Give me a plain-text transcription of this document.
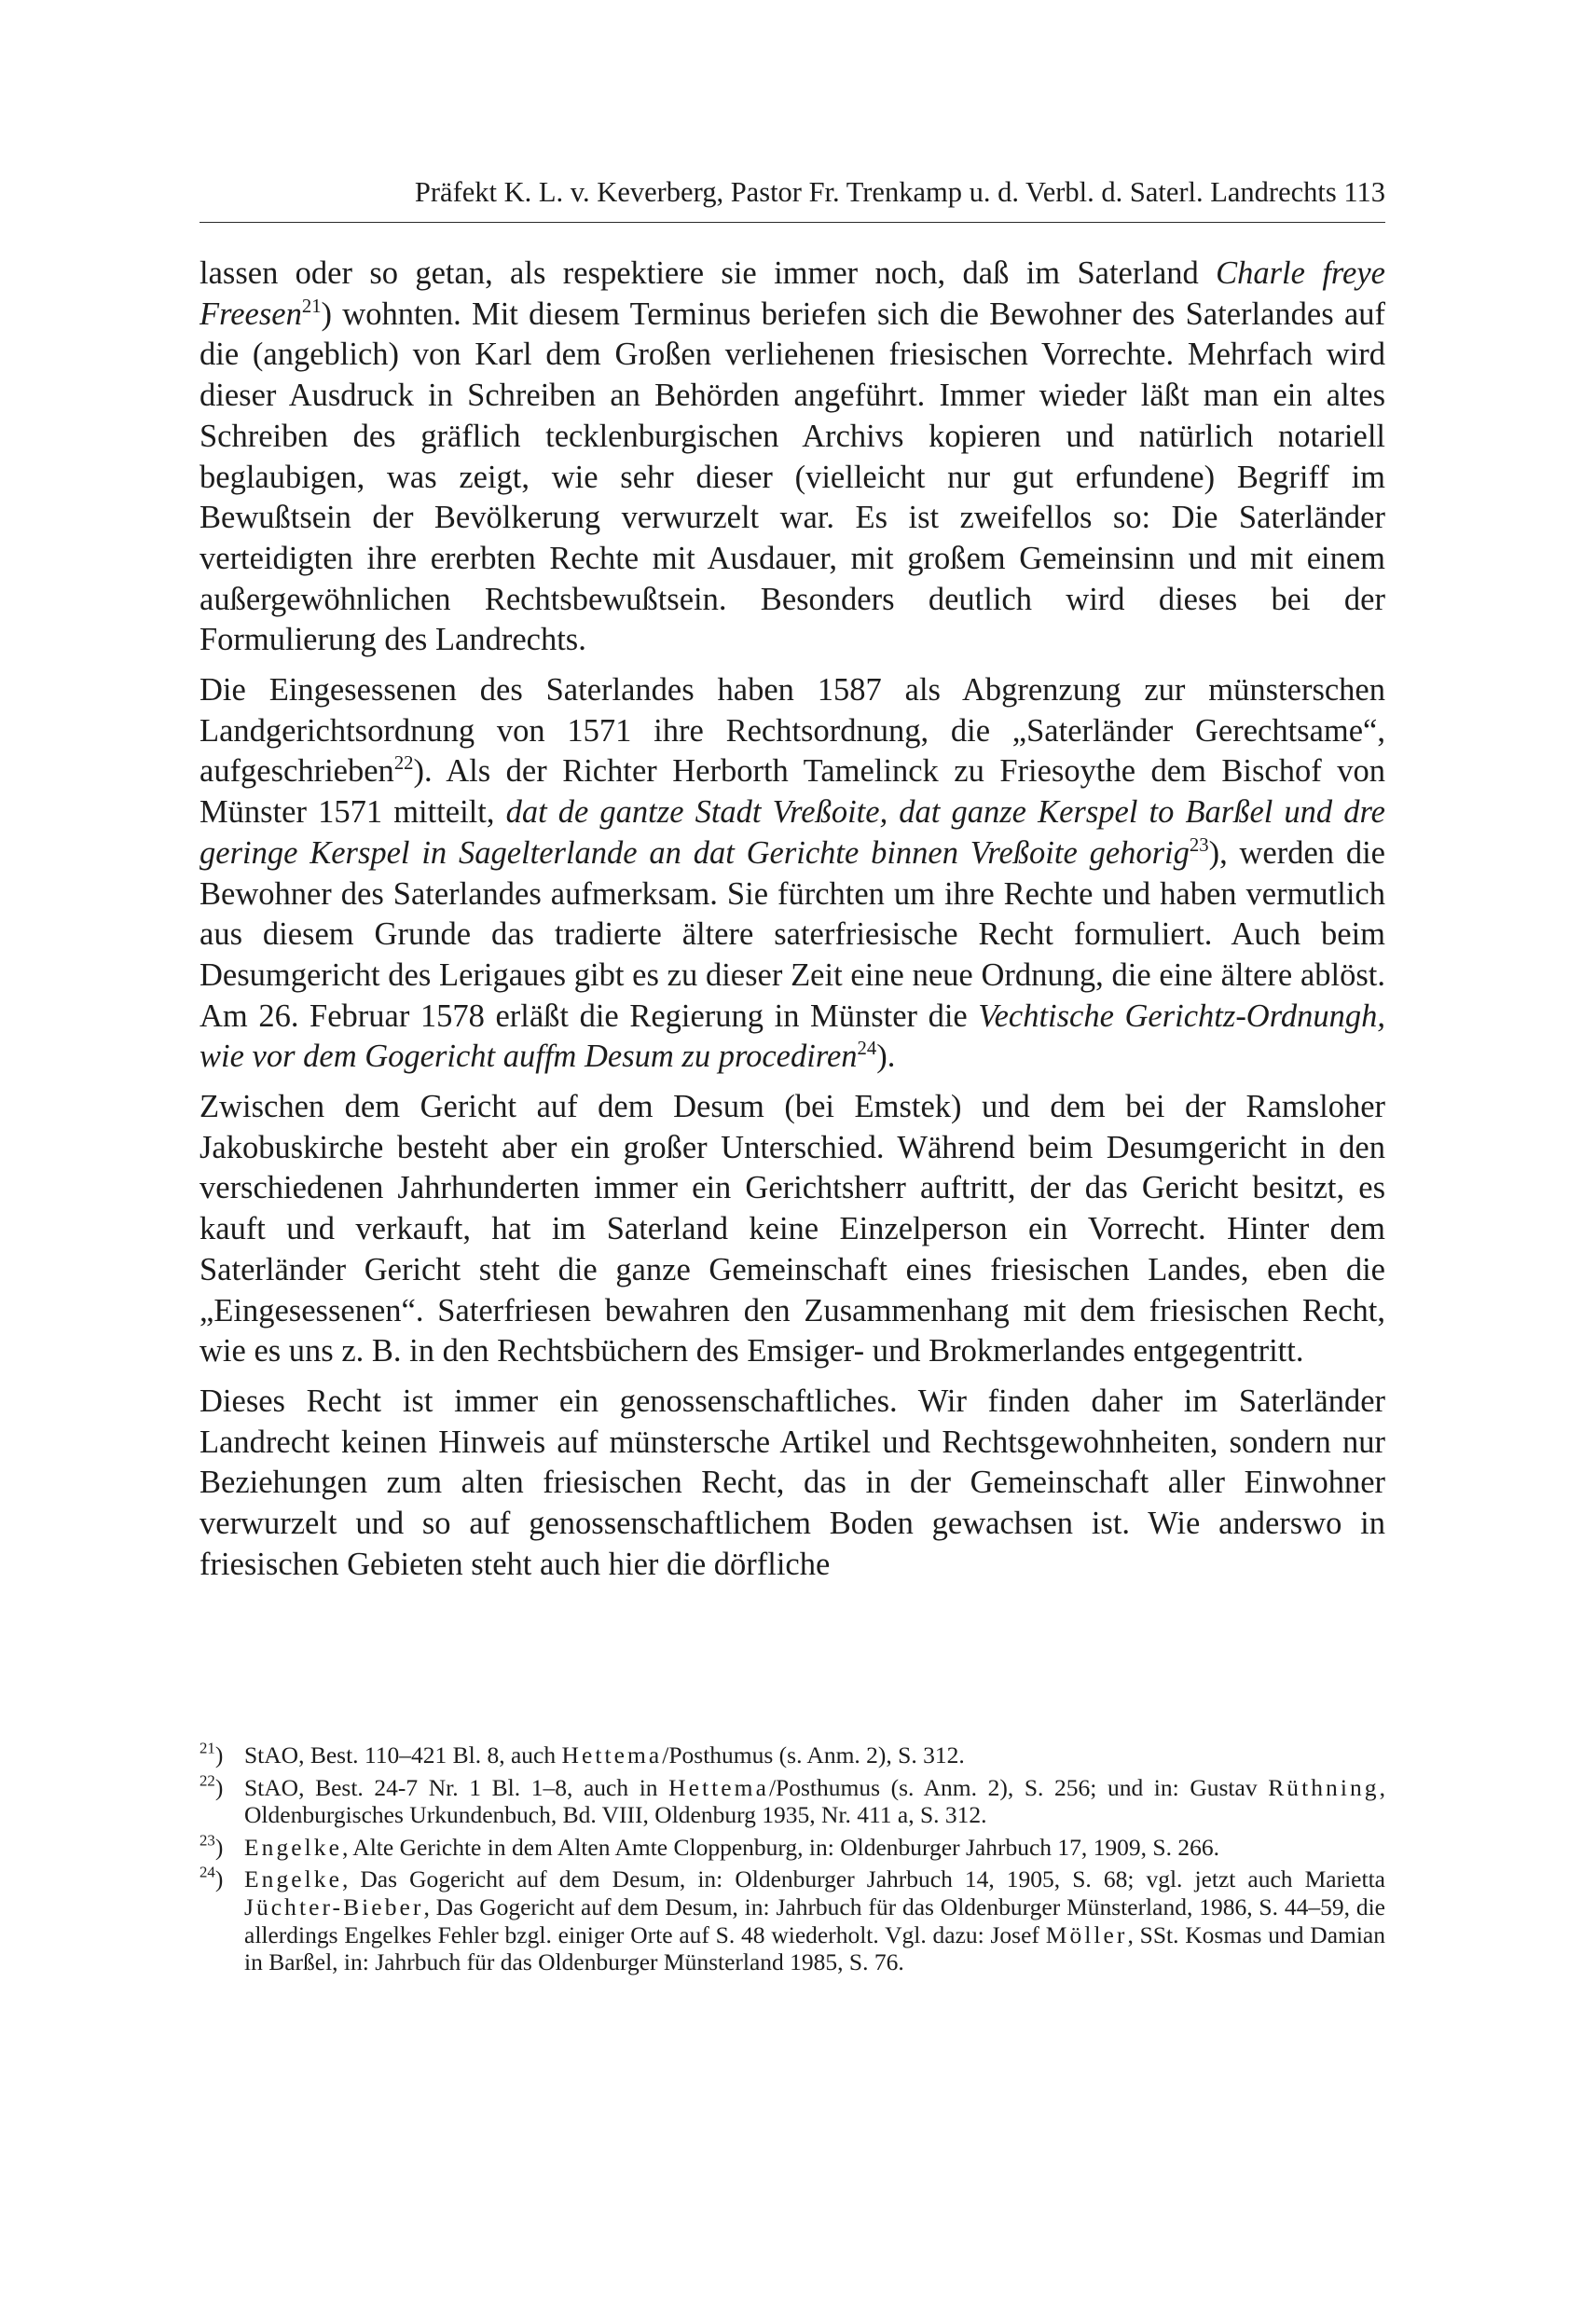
Präfekt K. L. v. Keverberg, Pastor Fr. Trenkamp u. d. Verbl. d. Saterl. Landrechts 113

lassen oder so getan, als respektiere sie immer noch, daß im Saterland Charle freye Freesen$^{21}$) wohnten. Mit diesem Terminus beriefen sich die Bewohner des Saterlandes auf die (angeblich) von Karl dem Großen verliehenen friesischen Vorrechte. Mehrfach wird dieser Ausdruck in Schreiben an Behörden angeführt. Immer wieder läßt man ein altes Schreiben des gräflich tecklenburgischen Archivs kopieren und natürlich notariell beglaubigen, was zeigt, wie sehr dieser (vielleicht nur gut erfundene) Begriff im Bewußtsein der Bevölkerung verwurzelt war. Es ist zweifellos so: Die Saterländer verteidigten ihre ererbten Rechte mit Ausdauer, mit großem Gemeinsinn und mit einem außergewöhnlichen Rechtsbewußtsein. Besonders deutlich wird dieses bei der Formulierung des Landrechts.

Die Eingesessenen des Saterlandes haben 1587 als Abgrenzung zur münsterschen Landgerichtsordnung von 1571 ihre Rechtsordnung, die „Saterländer Gerechtsame“, aufgeschrieben$^{22}$). Als der Richter Herborth Tamelinck zu Friesoythe dem Bischof von Münster 1571 mitteilt, dat de gantze Stadt Vreßoite, dat ganze Kerspel to Barßel und dre geringe Kerspel in Sagelterlande an dat Gerichte binnen Vreßoite gehorig$^{23}$), werden die Bewohner des Saterlandes aufmerksam. Sie fürchten um ihre Rechte und haben vermutlich aus diesem Grunde das tradierte ältere saterfriesische Recht formuliert. Auch beim Desumgericht des Lerigaues gibt es zu dieser Zeit eine neue Ordnung, die eine ältere ablöst. Am 26. Februar 1578 erläßt die Regierung in Münster die Vechtische Gerichtz-Ordnungh, wie vor dem Gogericht auffm Desum zu procediren$^{24}$).

Zwischen dem Gericht auf dem Desum (bei Emstek) und dem bei der Ramsloher Jakobuskirche besteht aber ein großer Unterschied. Während beim Desumgericht in den verschiedenen Jahrhunderten immer ein Gerichtsherr auftritt, der das Gericht besitzt, es kauft und verkauft, hat im Saterland keine Einzelperson ein Vorrecht. Hinter dem Saterländer Gericht steht die ganze Gemeinschaft eines friesischen Landes, eben die „Eingesessenen“. Saterfriesen bewahren den Zusammenhang mit dem friesischen Recht, wie es uns z. B. in den Rechtsbüchern des Emsiger- und Brokmerlandes entgegentritt.

Dieses Recht ist immer ein genossenschaftliches. Wir finden daher im Saterländer Landrecht keinen Hinweis auf münstersche Artikel und Rechtsgewohnheiten, sondern nur Beziehungen zum alten friesischen Recht, das in der Gemeinschaft aller Einwohner verwurzelt und so auf genossenschaftlichem Boden gewachsen ist. Wie anderswo in friesischen Gebieten steht auch hier die dörfliche

$^{21}$) StAO, Best. 110–421 Bl. 8, auch Hettema/Posthumus (s. Anm. 2), S. 312.
$^{22}$) StAO, Best. 24-7 Nr. 1 Bl. 1–8, auch in Hettema/Posthumus (s. Anm. 2), S. 256; und in: Gustav Rüthning, Oldenburgisches Urkundenbuch, Bd. VIII, Oldenburg 1935, Nr. 411 a, S. 312.
$^{23}$) Engelke, Alte Gerichte in dem Alten Amte Cloppenburg, in: Oldenburger Jahrbuch 17, 1909, S. 266.
$^{24}$) Engelke, Das Gogericht auf dem Desum, in: Oldenburger Jahrbuch 14, 1905, S. 68; vgl. jetzt auch Marietta Jüchter-Bieber, Das Gogericht auf dem Desum, in: Jahrbuch für das Oldenburger Münsterland, 1986, S. 44–59, die allerdings Engelkes Fehler bzgl. einiger Orte auf S. 48 wiederholt. Vgl. dazu: Josef Möller, SSt. Kosmas und Damian in Barßel, in: Jahrbuch für das Oldenburger Münsterland 1985, S. 76.
